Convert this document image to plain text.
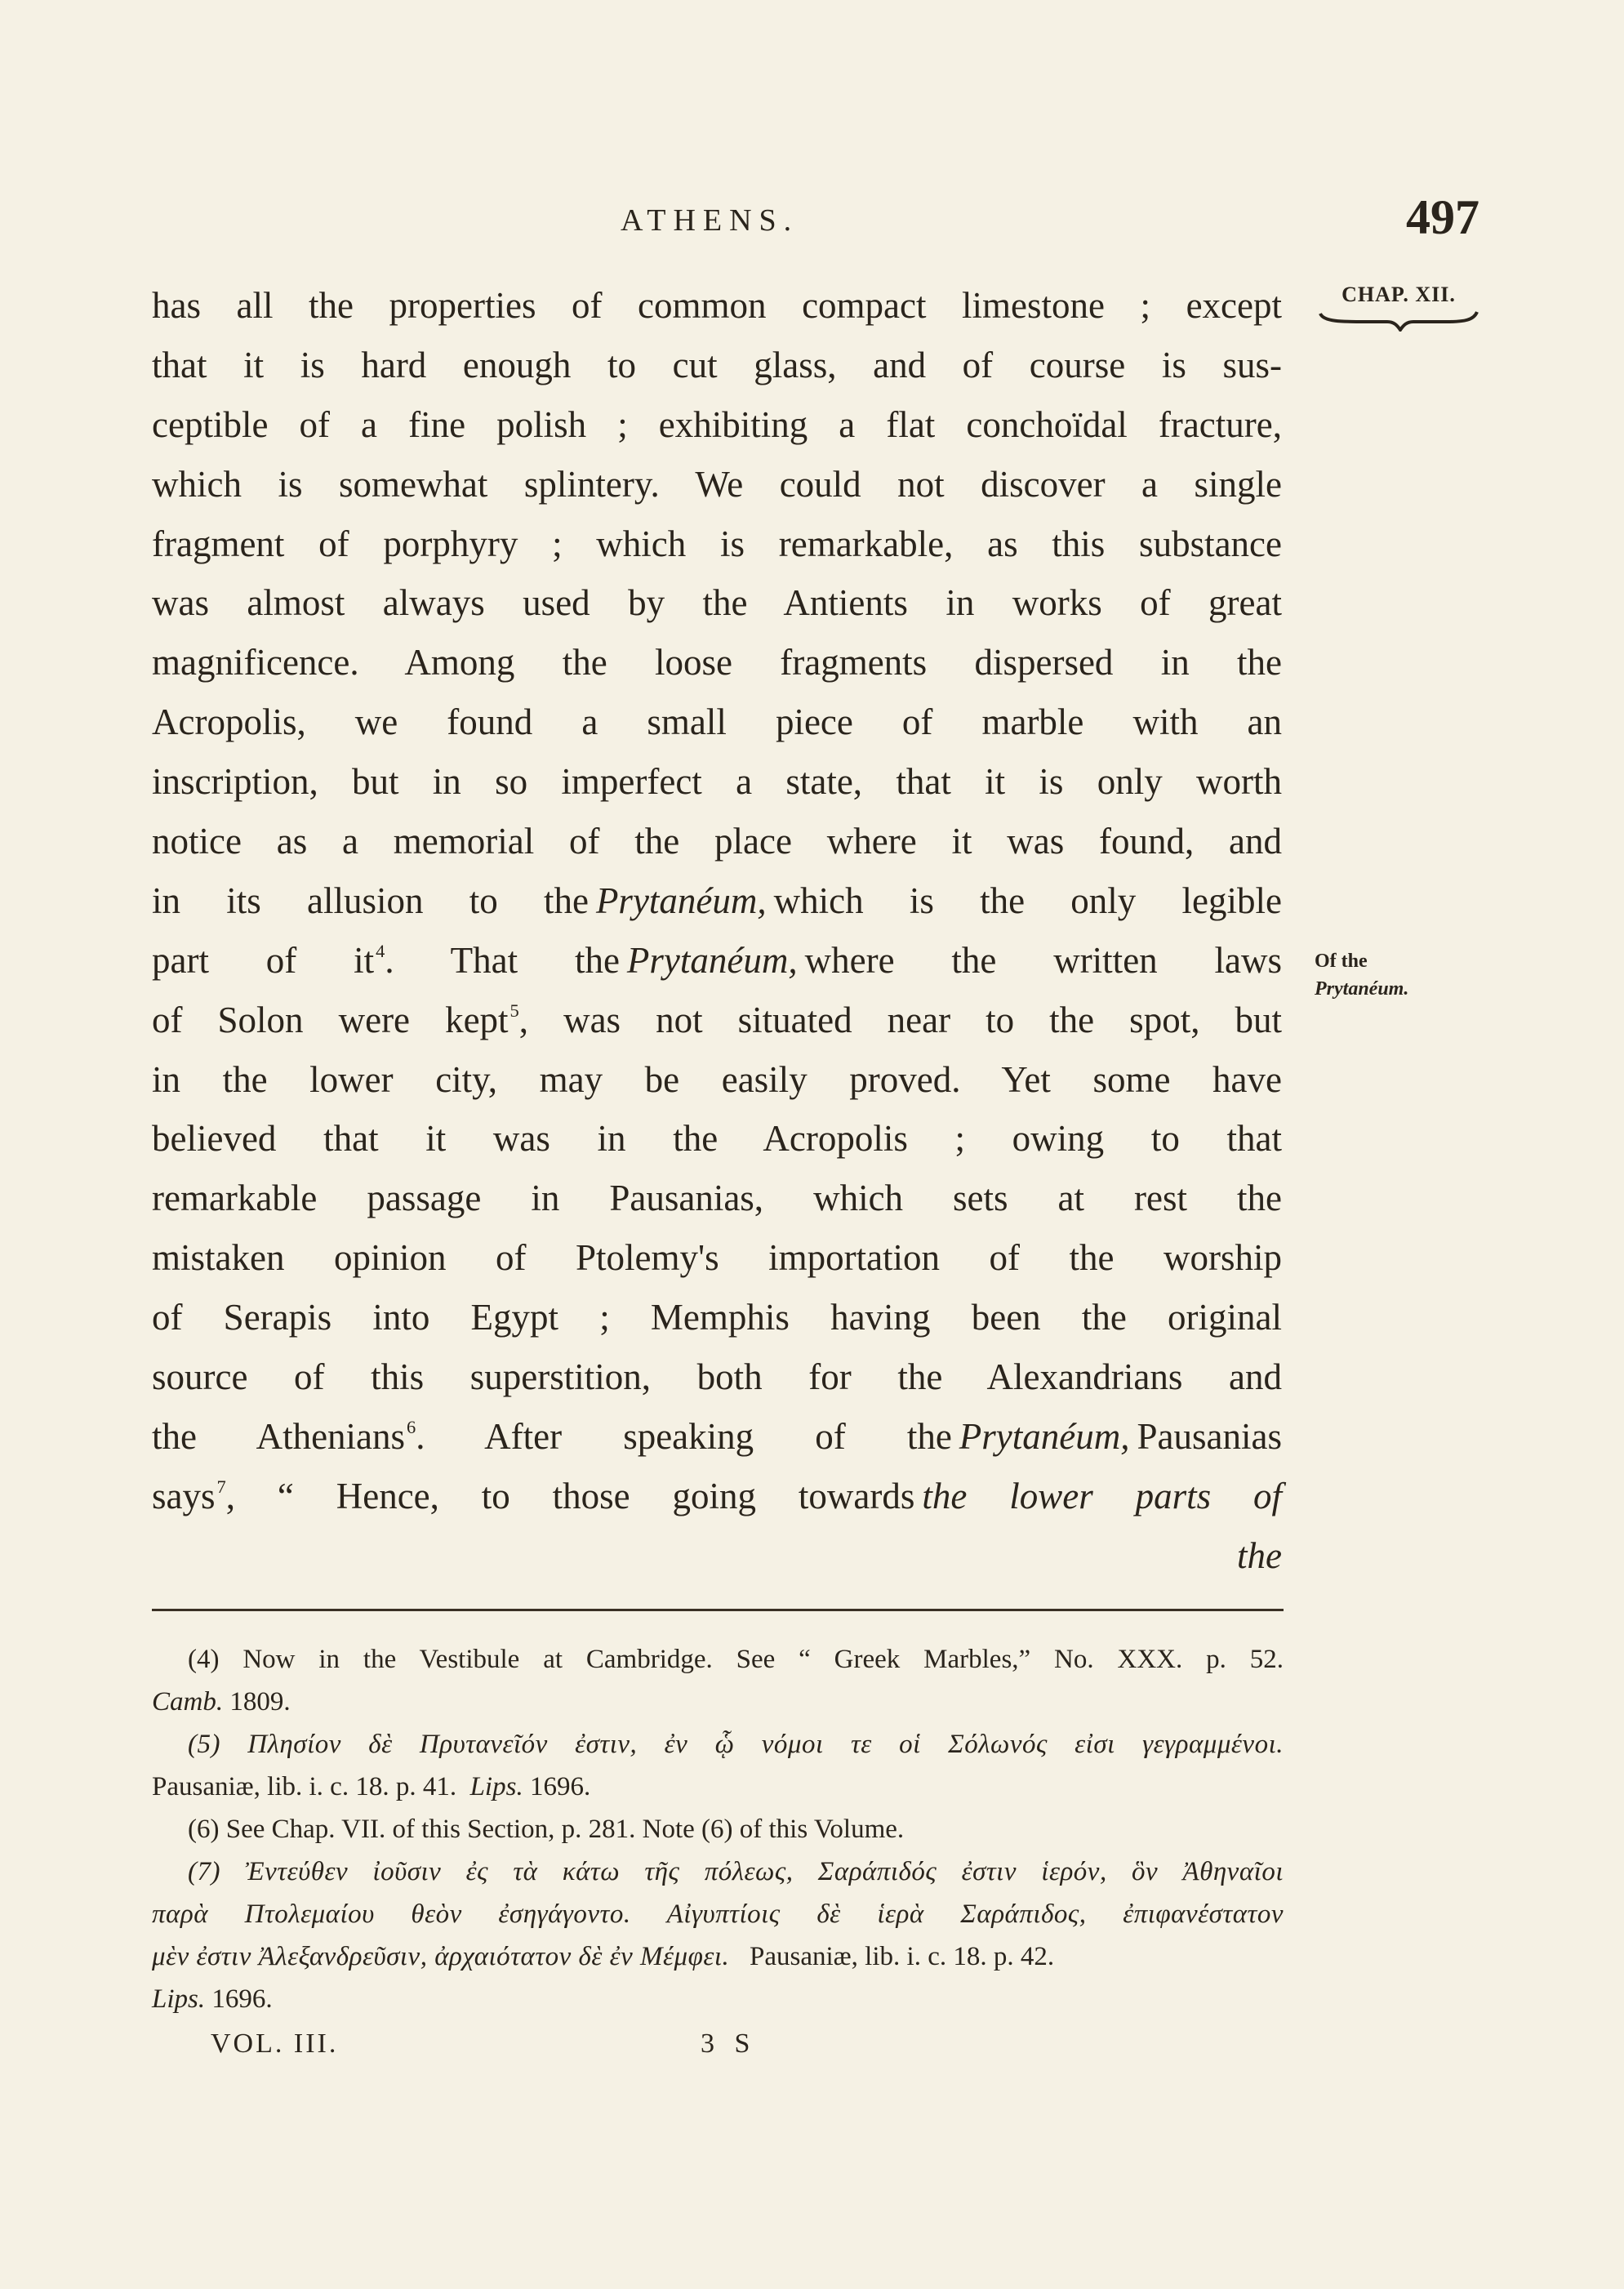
ATHENS.	497
CHAP. XII.
Of the
Prytanéum.
has all the properties of common compact limestone ; except
that it is hard enough to cut glass, and of course is sus-
ceptible of a fine polish ; exhibiting a flat conchoïdal fracture,
which is somewhat splintery. We could not discover a single
fragment of porphyry ; which is remarkable, as this substance
was almost always used by the Antients in works of great
magnificence. Among the loose fragments dispersed in the
Acropolis, we found a small piece of marble with an
inscription, but in so imperfect a state, that it is only worth
notice as a memorial of the place where it was found, and
in its allusion to the Prytanéum, which is the only legible
part of $it^4$. That the Prytanéum, where the written laws
of Solon were kept$^5$, was not situated near to the spot, but
in the lower city, may be easily proved. Yet some have
believed that it was in the Acropolis ; owing to that
remarkable passage in Pausanias, which sets at rest the
mistaken opinion of Ptolemy's importation of the worship
of Serapis into Egypt ; Memphis having been the original
source of this superstition, both for the Alexandrians and
the Athenians$^6$. After speaking of the Prytanéum, Pausanias
says$^7$, “ Hence, to those going towards the lower parts of
the
(4) Now in the Vestibule at Cambridge. See “ Greek Marbles,” No. XXX. p. 52.
Camb. 1809.
(5) Πλησίον δὲ Πρυτανεῖόν ἐστιν, ἐν ᾧ νόμοι τε οἱ Σόλωνός εἰσι γεγραμμένοι.
Pausaniæ, lib. i. c. 18. p. 41. Lips. 1696.
(6) See Chap. VII. of this Section, p. 281. Note (6) of this Volume.
(7) Ἐντεύθεν ἰοῦσιν ἐς τὰ κάτω τῆς πόλεως, Σαράπιδός ἐστιν ἱερόν, ὃν Ἀθηναῖοι
παρὰ Πτολεμαίου θεὸν ἐσηγάγοντο. Αἰγυπτίοις δὲ ἱερὰ Σαράπιδος, ἐπιφανέστατον
μὲν ἐστιν Ἀλεξανδρεῦσιν, ἀρχαιότατον δὲ ἐν Μέμφει. Pausaniæ, lib. i. c. 18. p. 42.
Lips. 1696.
VOL. III.	3 S
